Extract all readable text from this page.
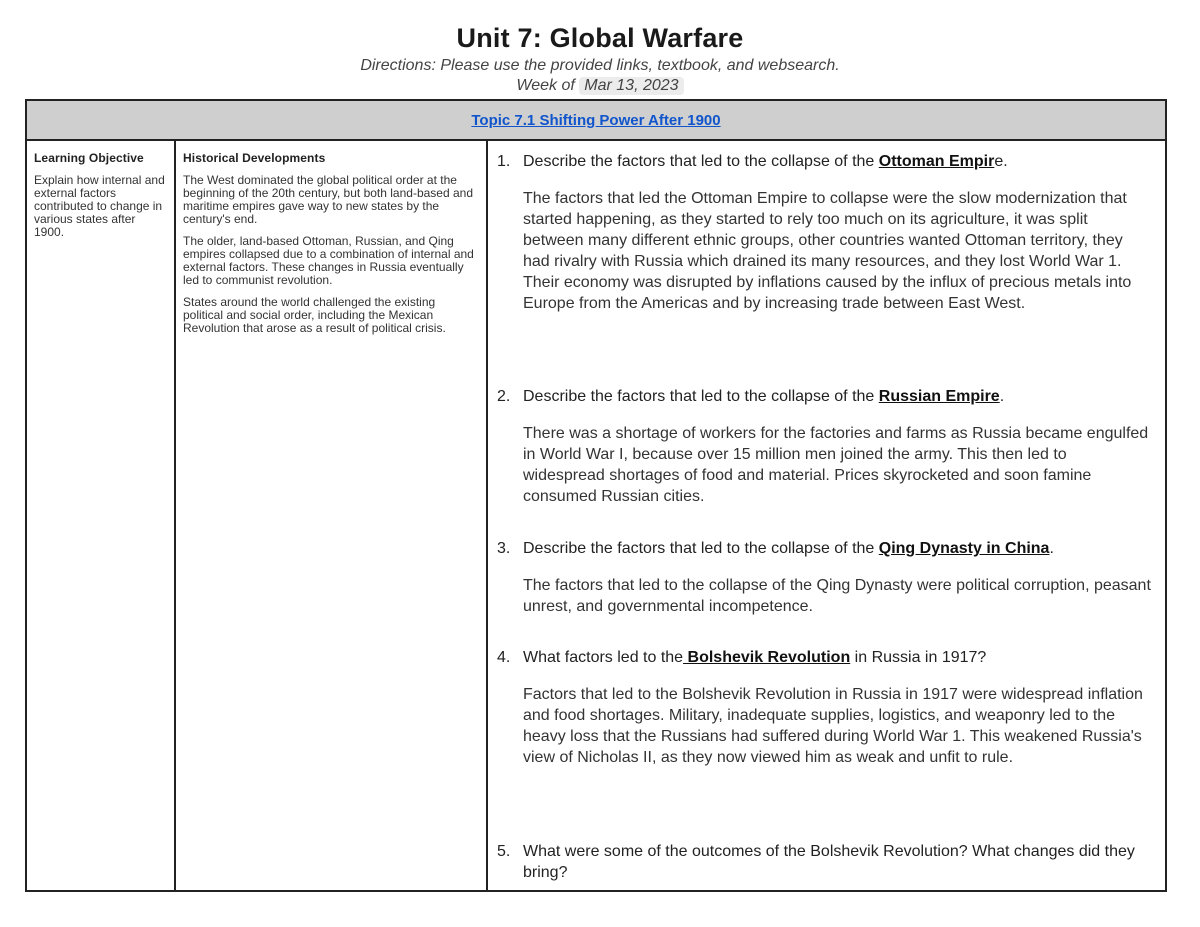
Unit 7: Global Warfare
Directions: Please use the provided links, textbook, and websearch.
Week of Mar 13, 2023
Topic 7.1 Shifting Power After 1900
Learning Objective
Explain how internal and external factors contributed to change in various states after 1900.
Historical Developments
The West dominated the global political order at the beginning of the 20th century, but both land-based and maritime empires gave way to new states by the century's end.
The older, land-based Ottoman, Russian, and Qing empires collapsed due to a combination of internal and external factors. These changes in Russia eventually led to communist revolution.
States around the world challenged the existing political and social order, including the Mexican Revolution that arose as a result of political crisis.
1. Describe the factors that led to the collapse of the Ottoman Empire.
The factors that led the Ottoman Empire to collapse were the slow modernization that started happening, as they started to rely too much on its agriculture, it was split between many different ethnic groups, other countries wanted Ottoman territory, they had rivalry with Russia which drained its many resources, and they lost World War 1. Their economy was disrupted by inflations caused by the influx of precious metals into Europe from the Americas and by increasing trade between East West.
2. Describe the factors that led to the collapse of the Russian Empire.
There was a shortage of workers for the factories and farms as Russia became engulfed in World War I, because over 15 million men joined the army. This then led to widespread shortages of food and material. Prices skyrocketed and soon famine consumed Russian cities.
3. Describe the factors that led to the collapse of the Qing Dynasty in China.
The factors that led to the collapse of the Qing Dynasty were political corruption, peasant unrest, and governmental incompetence.
4. What factors led to the Bolshevik Revolution in Russia in 1917?
Factors that led to the Bolshevik Revolution in Russia in 1917 were widespread inflation and food shortages. Military, inadequate supplies, logistics, and weaponry led to the heavy loss that the Russians had suffered during World War 1. This weakened Russia's view of Nicholas II, as they now viewed him as weak and unfit to rule.
5. What were some of the outcomes of the Bolshevik Revolution? What changes did they bring?
